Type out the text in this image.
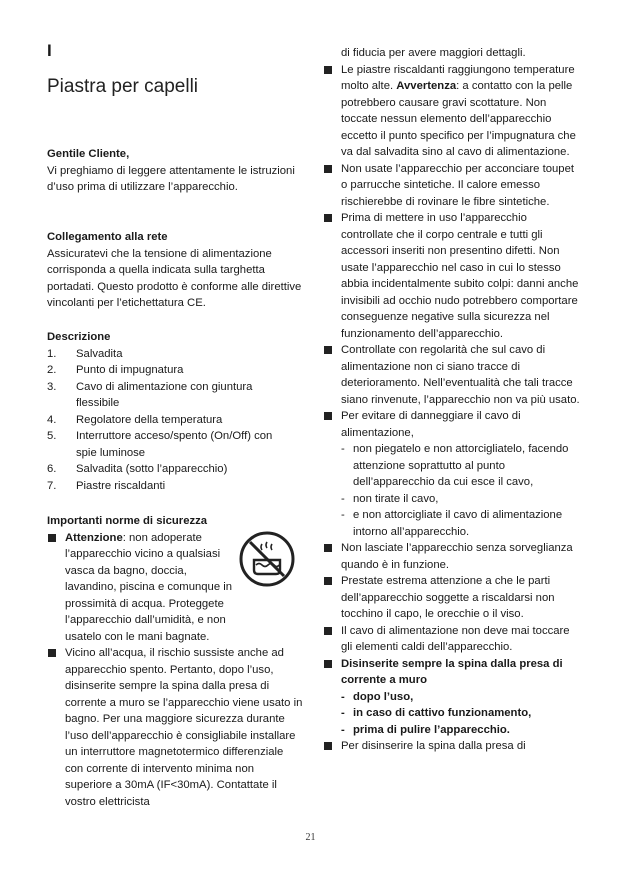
I
Piastra per capelli

Gentile Cliente,

Vi preghiamo di leggere attentamente le istruzioni d’uso prima di utilizzare l’apparecchio.

Collegamento alla rete

Assicuratevi che la tensione di alimentazione corrisponda a quella indicata sulla targhetta portadati. Questo prodotto è conforme alle direttive vincolanti per l’etichettatura CE.

Descrizione

1.	Salvadita
2.	Punto di impugnatura
3.	Cavo di alimentazione con giuntura flessibile
4.	Regolatore della temperatura
5.	Interruttore acceso/spento (On/Off) con spie luminose
6.	Salvadita (sotto l’apparecchio)
7.	Piastre riscaldanti

Importanti norme di sicurezza

Attenzione: non adoperate l’apparecchio vicino a qualsiasi vasca da bagno, doccia, lavandino, piscina e comunque in prossimità di acqua. Proteggete l’apparecchio dall’umidità, e non usatelo con le mani bagnate.
Vicino all’acqua, il rischio sussiste anche ad apparecchio spento. Pertanto, dopo l’uso, disinserite sempre la spina dalla presa di corrente a muro se l’apparecchio viene usato in bagno. Per una maggiore sicurezza durante l’uso dell’apparecchio è consigliabile installare un interruttore magnetotermico differenziale con corrente di intervento minima non superiore a 30mA (IF<30mA). Contattate il vostro elettricista
di fiducia per avere maggiori dettagli.
Le piastre riscaldanti raggiungono temperature molto alte. Avvertenza: a contatto con la pelle potrebbero causare gravi scottature. Non toccate nessun elemento dell’apparecchio eccetto il punto specifico per l’impugnatura che va dal salvadita sino al cavo di alimentazione.
Non usate l’apparecchio per acconciare toupet o parrucche sintetiche. Il calore emesso rischierebbe di rovinare le fibre sintetiche.
Prima di mettere in uso l’apparecchio controllate che il corpo centrale e tutti gli accessori inseriti non presentino difetti. Non usate l’apparecchio nel caso in cui lo stesso abbia incidentalmente subito colpi: danni anche invisibili ad occhio nudo potrebbero comportare conseguenze negative sulla sicurezza nel funzionamento dell’apparecchio.
Controllate con regolarità che sul cavo di alimentazione non ci siano tracce di deterioramento. Nell’eventualità che tali tracce siano rinvenute, l’apparecchio non va più usato.
Per evitare di danneggiare il cavo di alimentazione,
- non piegatelo e non attorcigliatelo, facendo attenzione soprattutto al punto dell’apparecchio da cui esce il cavo,
- non tirate il cavo,
- e non attorcigliate il cavo di alimentazione intorno all’apparecchio.
Non lasciate l’apparecchio senza sorveglianza quando è in funzione.
Prestate estrema attenzione a che le parti dell’apparecchio soggette a riscaldarsi non tocchino il capo, le orecchie o il viso.
Il cavo di alimentazione non deve mai toccare gli elementi caldi dell’apparecchio.
Disinserite sempre la spina dalla presa di corrente a muro
- dopo l’uso,
- in caso di cattivo funzionamento,
- prima di pulire l’apparecchio.
Per disinserire la spina dalla presa di
21
